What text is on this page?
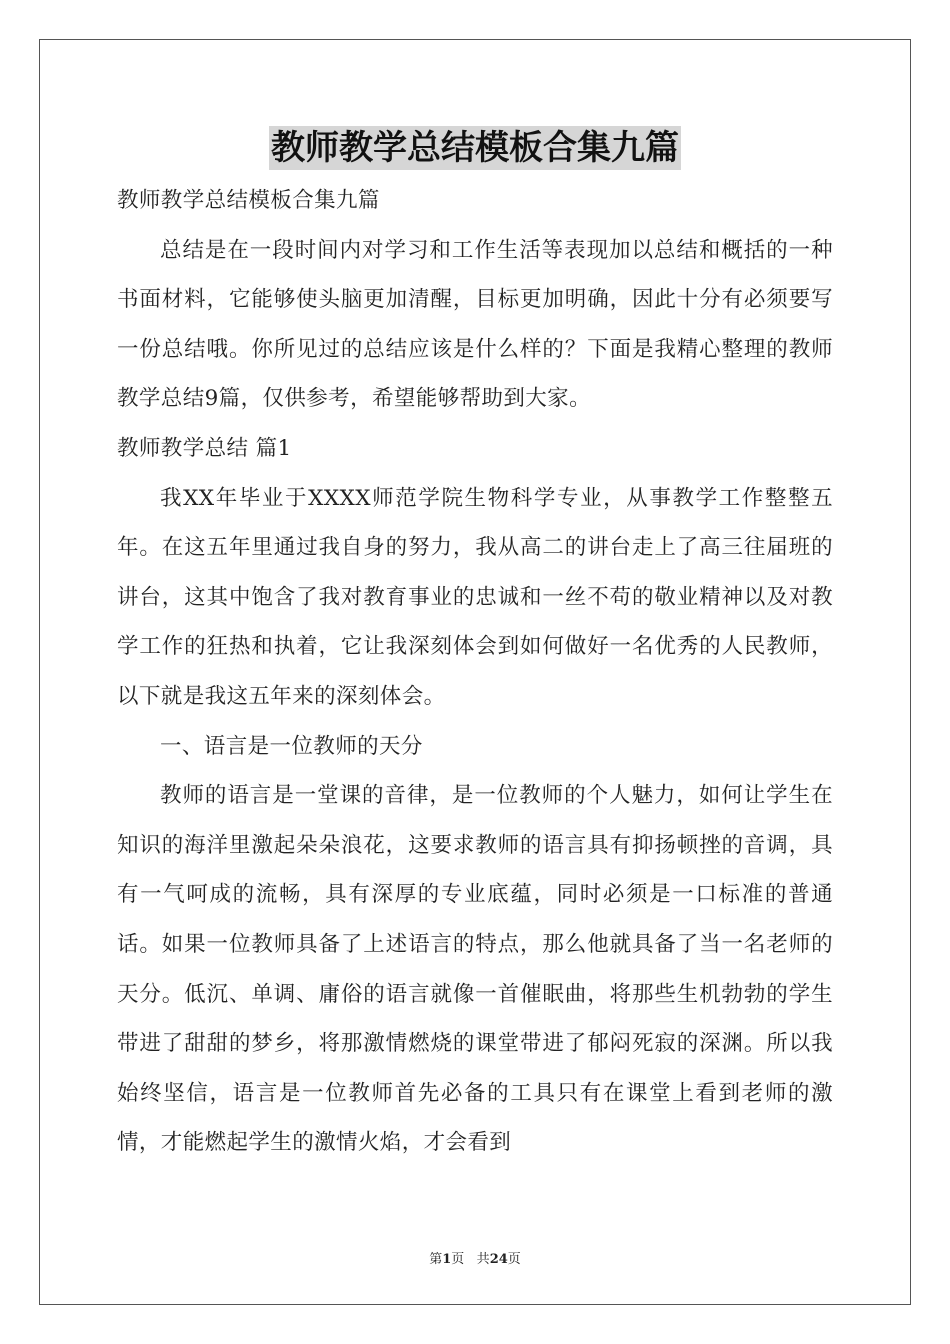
教师教学总结模板合集九篇

教师教学总结模板合集九篇

总结是在一段时间内对学习和工作生活等表现加以总结和概括的一种书面材料，它能够使头脑更加清醒，目标更加明确，因此十分有必须要写一份总结哦。你所见过的总结应该是什么样的？下面是我精心整理的教师教学总结9篇，仅供参考，希望能够帮助到大家。

教师教学总结 篇1

我XX年毕业于XXXX师范学院生物科学专业，从事教学工作整整五年。在这五年里通过我自身的努力，我从高二的讲台走上了高三往届班的讲台，这其中饱含了我对教育事业的忠诚和一丝不苟的敬业精神以及对教学工作的狂热和执着，它让我深刻体会到如何做好一名优秀的人民教师，以下就是我这五年来的深刻体会。

一、语言是一位教师的天分

教师的语言是一堂课的音律，是一位教师的个人魅力，如何让学生在知识的海洋里激起朵朵浪花，这要求教师的语言具有抑扬顿挫的音调，具有一气呵成的流畅，具有深厚的专业底蕴，同时必须是一口标准的普通话。如果一位教师具备了上述语言的特点，那么他就具备了当一名老师的天分。低沉、单调、庸俗的语言就像一首催眠曲，将那些生机勃勃的学生带进了甜甜的梦乡，将那激情燃烧的课堂带进了郁闷死寂的深渊。所以我始终坚信，语言是一位教师首先必备的工具只有在课堂上看到老师的激情，才能燃起学生的激情火焰，才会看到

第1页 共24页
